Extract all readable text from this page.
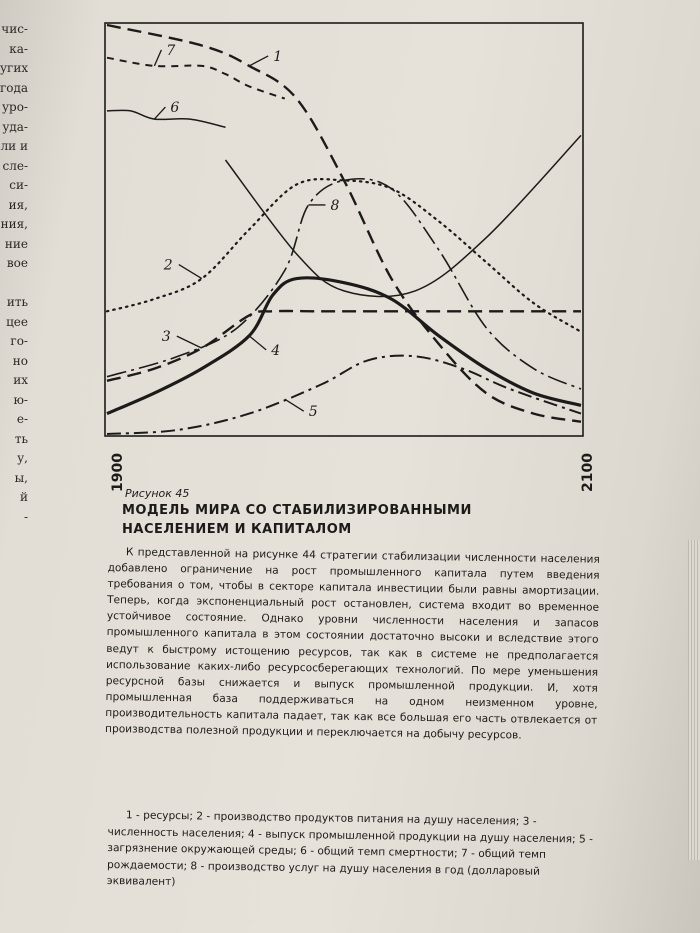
чис-
ка-
угих
года
уро-
уда-
ли и
сле-
си-
ия,
ния,
ние
вое

ить
цее
го-
но
их
ю-
е-
ть
у,
ы,
й
-
1
7
6
8
2
3
4
5
1900	2100
Рисунок 45
МОДЕЛЬ МИРА СО СТАБИЛИЗИРОВАННЫМИ
НАСЕЛЕНИЕМ И КАПИТАЛОМ

К представленной на рисунке 44 стратегии стабилизации численности населения добавлено ограничение на рост промышленного капитала путем введения требования о том, чтобы в секторе капитала инвестиции были равны амортизации. Теперь, когда экспоненциальный рост остановлен, система входит во временное устойчивое состояние. Однако уровни численности населения и запасов промышленного капитала в этом состоянии достаточно высоки и вследствие этого ведут к быстрому истощению ресурсов, так как в системе не предполагается использование каких-либо ресурсосберегающих технологий. По мере уменьшения ресурсной базы снижается и выпуск промышленной продукции. И, хотя промышленная база поддерживаться на одном неизменном уровне, производительность капитала падает, так как все большая его часть отвлекается от производства полезной продукции и переключается на добычу ресурсов.

1 - ресурсы; 2 - производство продуктов питания на душу населения; 3 - численность населения; 4 - выпуск промышленной продукции на душу населения; 5 - загрязнение окружающей среды; 6 - общий темп смертности; 7 - общий темп рождаемости; 8 - производство услуг на душу населения в год (долларовый эквивалент)
